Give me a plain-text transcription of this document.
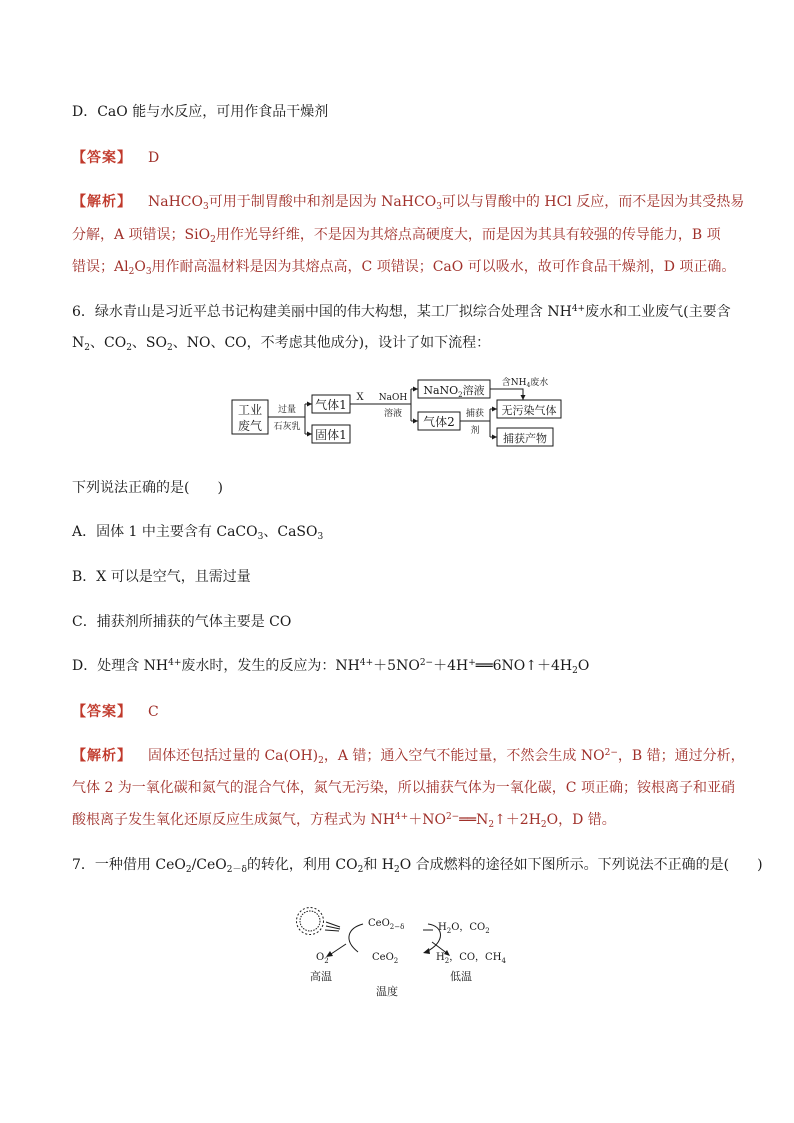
D．CaO 能与水反应，可用作食品干燥剂
【答案】 D
【解析】 NaHCO$_3$可用于制胃酸中和剂是因为 NaHCO$_3$可以与胃酸中的 HCl 反应，而不是因为其受热易
分解，A 项错误；SiO$_2$用作光导纤维，不是因为其熔点高硬度大，而是因为其具有较强的传导能力，B 项
错误；$Al_2O_3$用作耐高温材料是因为其熔点高，C 项错误；CaO 可以吸水，故可作食品干燥剂，D 项正确。
6．绿水青山是习近平总书记构建美丽中国的伟大构想，某工厂拟综合处理含 $NH^{4+}$废水和工业废气(主要含
$N_2$、$CO_2$、$SO_2$、NO、CO，不考虑其他成分)，设计了如下流程：
工业
废气
过量
石灰乳
气体1
固体1
X NaOH
溶液
NaNO$_2$溶液
含$NH_4$废水
气体2
捕获
剂
无污染气体
捕获产物
下列说法正确的是(　　)
A．固体 1 中主要含有 CaCO$_3$、CaSO$_3$
B．X 可以是空气，且需过量
C．捕获剂所捕获的气体主要是 CO
D．处理含 $NH^{4+}$废水时，发生的反应为：$NH^{4+}+5NO^{2-}+4H^+══6NO↑+4H_2O$
【答案】 C
【解析】 固体还包括过量的 $Ca(OH)_2$，A 错；通入空气不能过量，不然会生成 $NO^{2-}$，B 错；通过分析，
气体 2 为一氧化碳和氮气的混合气体，氮气无污染，所以捕获气体为一氧化碳，C 项正确；铵根离子和亚硝
酸根离子发生氧化还原反应生成氮气，方程式为 $NH^{4+}+NO^{2-}══N_2↑+2H_2O$，D 错。
7．一种借用 CeO$_2$/CeO$_{2-\delta}$的转化，利用 $CO_2$和 $H_2O$ 合成燃料的途径如下图所示。下列说法不正确的是(　　)
CeO$_{2-\delta}$
CeO$_2$
$O_2$
高温
温度
低温
$H_2O$，$CO_2$
$H_2$，CO，$CH_4$
